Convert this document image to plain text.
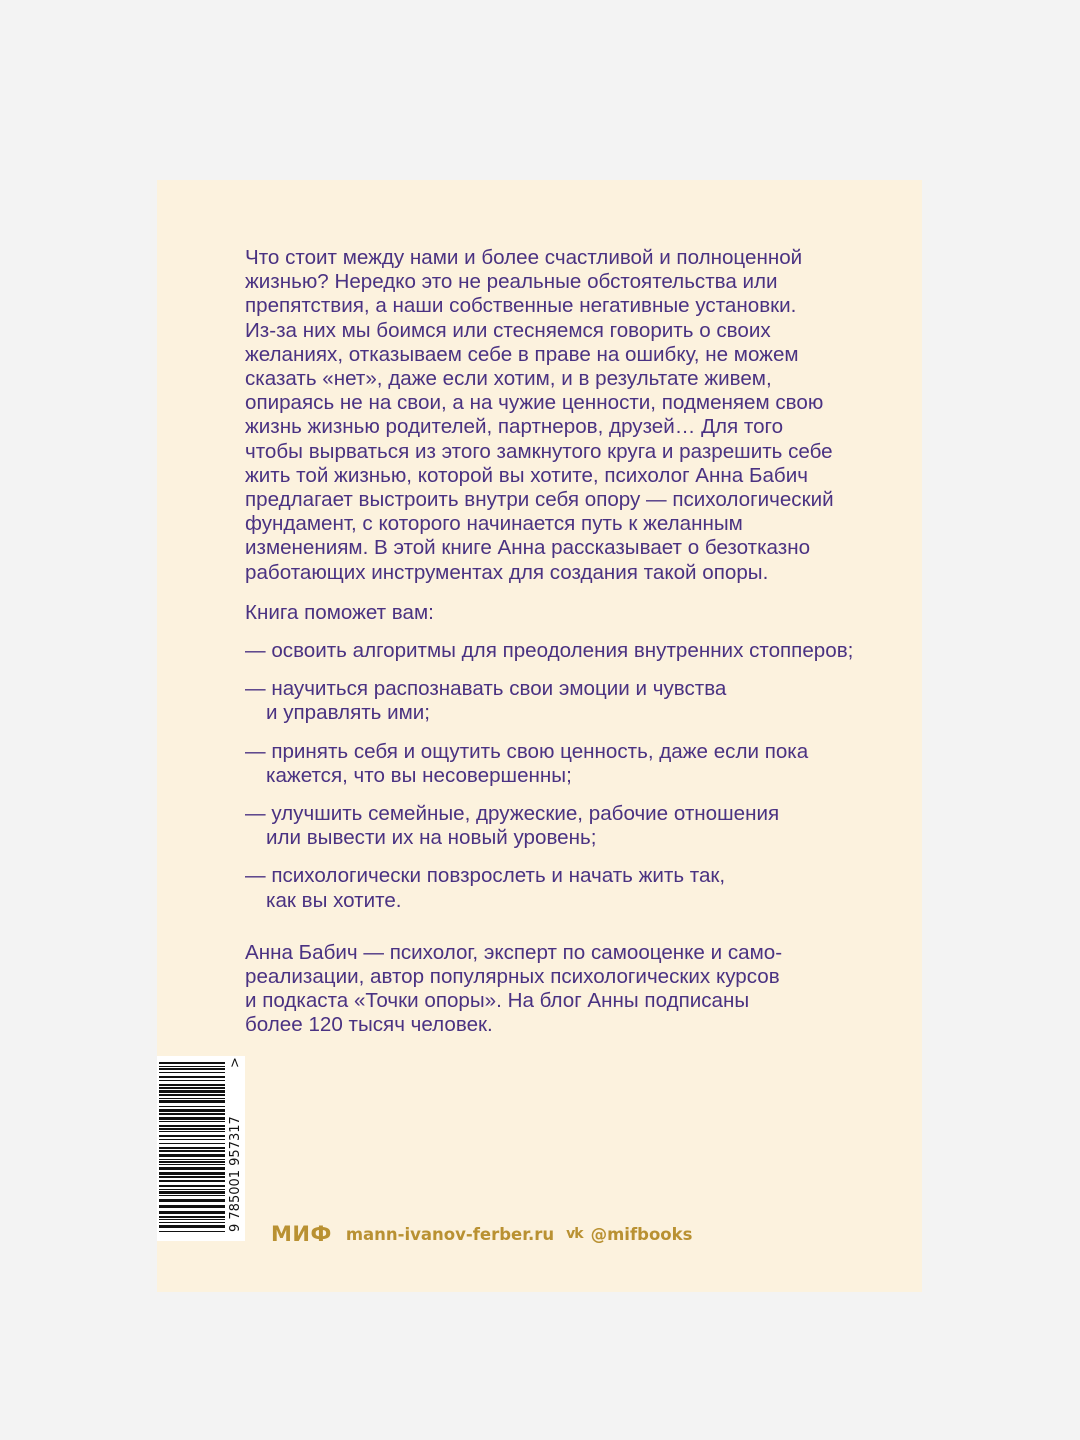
Что стоит между нами и более счастливой и полноценной
жизнью? Нередко это не реальные обстоятельства или
препятствия, а наши собственные негативные установки.
Из-за них мы боимся или стесняемся говорить о своих
желаниях, отказываем себе в праве на ошибку, не можем
сказать «нет», даже если хотим, и в результате живем,
опираясь не на свои, а на чужие ценности, подменяем свою
жизнь жизнью родителей, партнеров, друзей… Для того
чтобы вырваться из этого замкнутого круга и разрешить себе
жить той жизнью, которой вы хотите, психолог Анна Бабич
предлагает выстроить внутри себя опору — психологический
фундамент, с которого начинается путь к желанным
изменениям. В этой книге Анна рассказывает о безотказно
работающих инструментах для создания такой опоры.

Книга поможет вам:

— освоить алгоритмы для преодоления внутренних стопперов;
— научиться распознавать свои эмоции и чувства
и управлять ими;
— принять себя и ощутить свою ценность, даже если пока
кажется, что вы несовершенны;
— улучшить семейные, дружеские, рабочие отношения
или вывести их на новый уровень;
— психологически повзрослеть и начать жить так,
как вы хотите.

Анна Бабич — психолог, эксперт по самооценке и само-
реализации, автор популярных психологических курсов
и подкаста «Точки опоры». На блог Анны подписаны
более 120 тысяч человек.

9 785001 957317
>
МИФ mann-ivanov-ferber.ru vk @mifbooks
